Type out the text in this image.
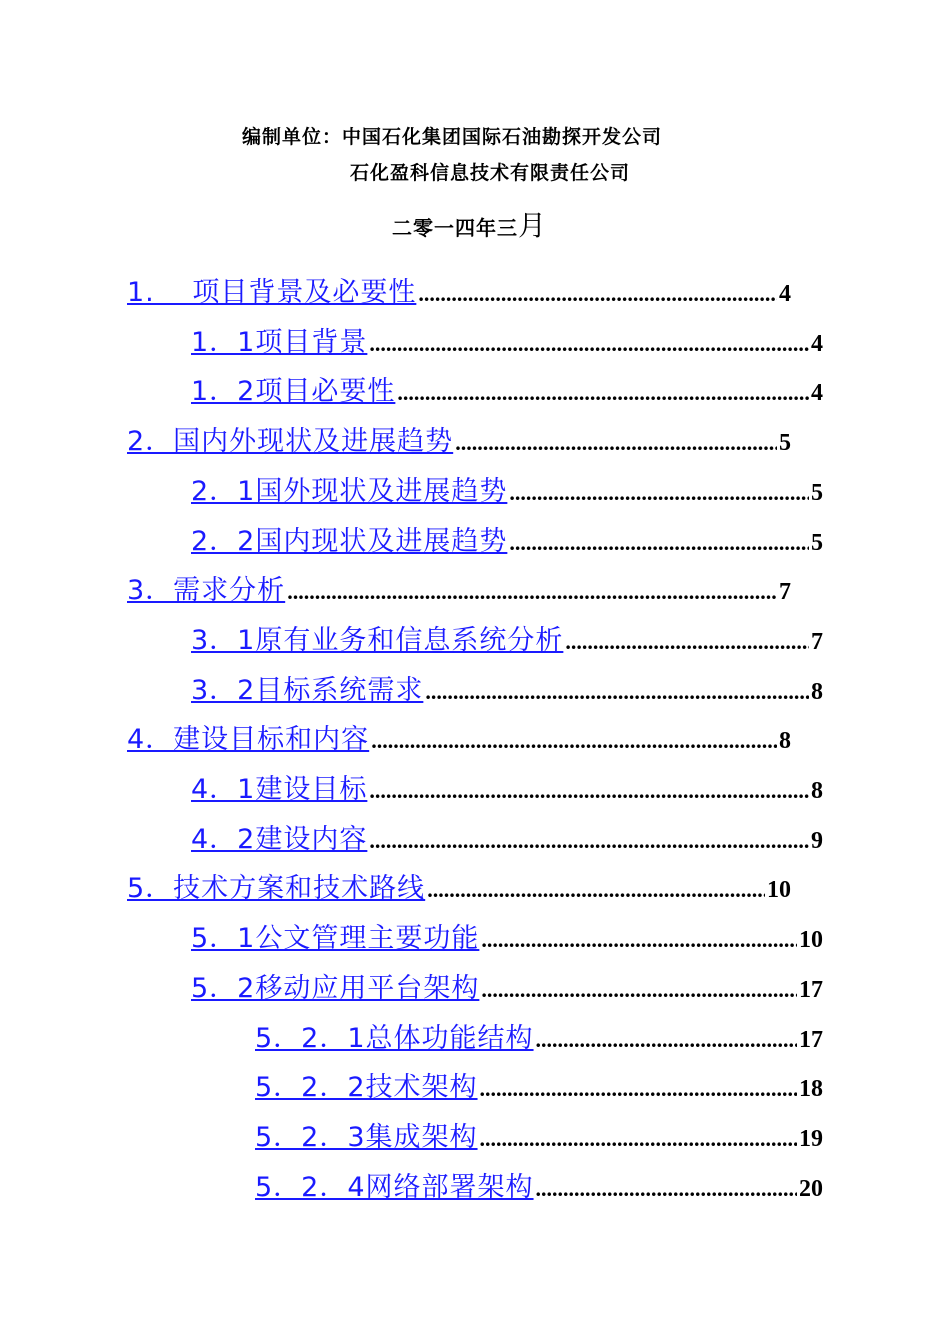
编制单位：中国石化集团国际石油勘探开发公司
石化盈科信息技术有限责任公司
二零一四年三月
1.　 项目背景及必要性 .....	4
1．1项目背景 .....	4
1．2项目必要性 .....	4
2．国内外现状及进展趋势 .....	5
2．1国外现状及进展趋势 .....	5
2．2国内现状及进展趋势 .....	5
3．需求分析 .....	7
3．1原有业务和信息系统分析 .....	7
3．2目标系统需求 .....	8
4．建设目标和内容 .....	8
4．1建设目标 .....	8
4．2建设内容 .....	9
5．技术方案和技术路线 .....	10
5．1公文管理主要功能 .....	10
5．2移动应用平台架构 .....	17
5．2．1总体功能结构 .....	17
5．2．2技术架构 .....	18
5．2．3集成架构 .....	19
5．2．4网络部署架构 .....	20
